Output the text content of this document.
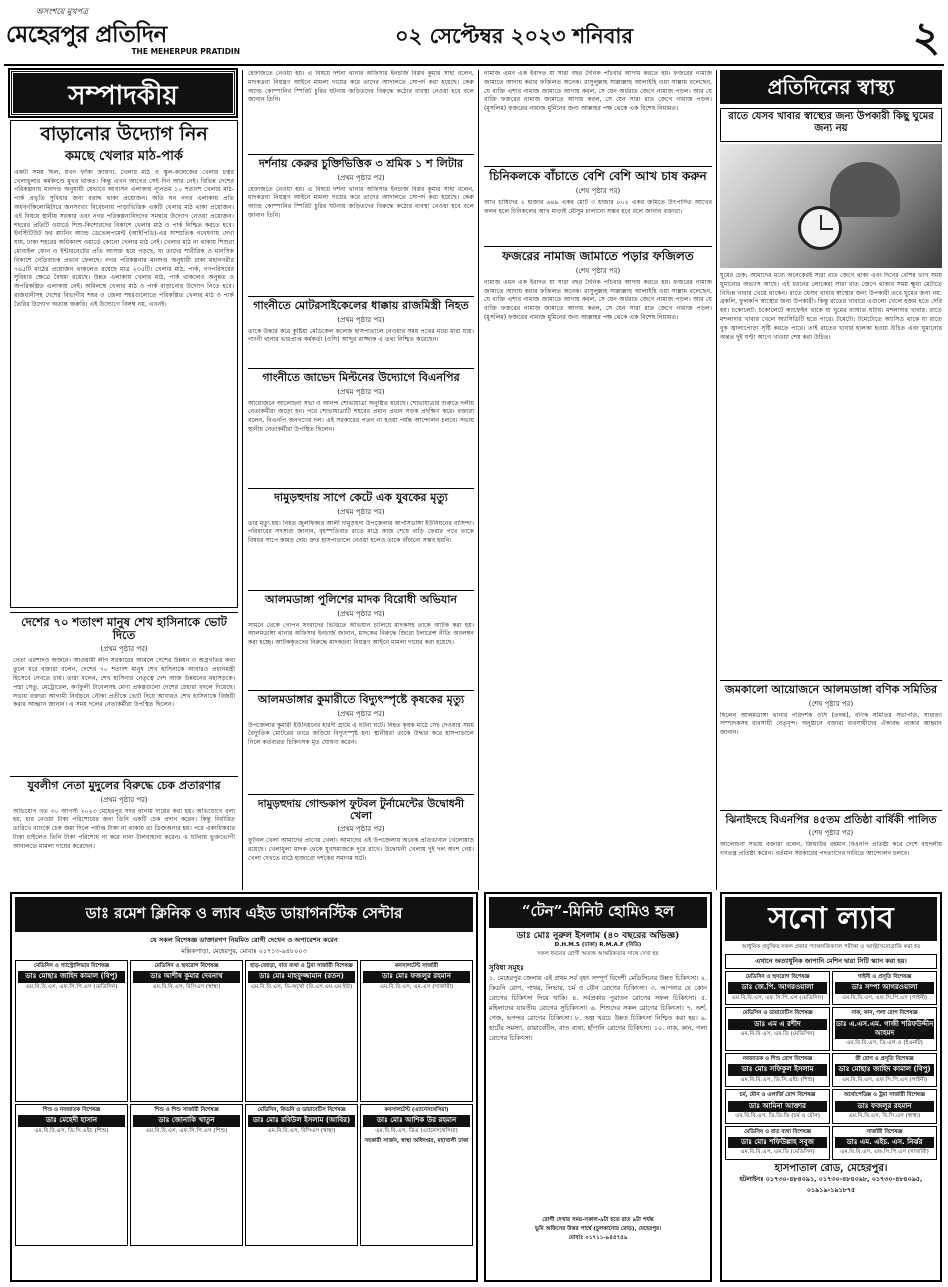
অসংশয়ে মুখপত্র
মেহেরপুর প্রতিদিন
THE MEHERPUR PRATIDIN
০২ সেপ্টেম্বর ২০২৩ শনিবার	২
সম্পাদকীয়
বাড়ানোর উদ্যোগ নিন
কমছে খেলার মাঠ-পার্ক
একটা সময় ছিল, যখন ফাঁকা জায়গা, খেলার মাঠ ও স্কুল-কলেজের খেলার চত্বর খেলাধুলার কর্মকাণ্ডে মুখর থাকত। কিন্তু এখন আগের সেই দিন আর নেই। বিভিন্ন দেশের পরিকল্পনায় মানদণ্ড অনুযায়ী যেভাবে আবাসন এলাকায় ন্যূনতম ১০ শতাংশ খেলার মাঠ-পার্ক প্রভৃতি সুবিধার জন্য বরাদ্দ থাকা প্রয়োজন। অতি ঘন নগর এলাকায় প্রতি অর্ধবর্গকিলোমিটারে জনসংখ্যা বিবেচনায় পাড়াভিত্তিক একটি খেলার মাঠ থাকা প্রয়োজন। এই বিষয়ে স্থানীয় সরকার এবং নগর পরিকল্পনাবিদদের সমন্বয়ে উদ্যোগ নেওয়া প্রয়োজন। শহরের প্রতিটি ওয়ার্ডে শিশু-কিশোরদের বিকাশে খেলার মাঠ ও পার্ক নিশ্চিত করতে হবে। ইনস্টিটিউট ফর প্ল্যানিং অ্যান্ড ডেভেলপমেন্ট (আইপিডি)-এর সাম্প্রতিক গবেষণায় দেখা যায়, ঢাকা শহরের অধিকাংশ ওয়ার্ডে কোনো খেলার মাঠ নেই। খেলার মাঠ না থাকায় শিশুরা মোবাইল ফোন ও ইন্টারনেটের প্রতি আসক্ত হয়ে পড়ছে, যা তাদের শারীরিক ও মানসিক বিকাশে নেতিবাচক প্রভাব ফেলছে। নগর পরিকল্পনার মানদণ্ড অনুযায়ী ঢাকা মহানগরীর ৭৬৫টি মাঠের প্রয়োজন থাকলেও রয়েছে মাত্র ২৩৫টি। খেলার মাঠ, পার্ক, গণপরিসরের সুবিধার ক্ষেত্রে বৈষম্য রয়েছে। উন্নত এলাকায় খেলার মাঠ, পার্ক থাকলেও অনুন্নত ও অপরিকল্পিত এলাকায় নেই। অবিলম্বে খেলার মাঠ ও পার্ক বাড়ানোর উদ্যোগ নিতে হবে। রাজধানীসহ দেশের বিভাগীয় শহর ও জেলা শহরগুলোতে পরিকল্পিত খেলার মাঠ ও পার্ক তৈরির উদ্যোগ অত্যন্ত জরুরি। এই উদ্যোগে বিলম্ব নয়, এখনই।
দেশের ৭০ শতাংশ মানুষ শেখ হাসিনাকে ভোট দিতে
(প্রথম পৃষ্ঠার পর)
নেতা এরশাদও অর্জনে। আওয়ামী লীগ সরকারের আমলে দেশের উন্নয়ন ও অগ্রগতির কথা তুলে ধরে বক্তারা বলেন, দেশের ৭০ শতাংশ মানুষ শেখ হাসিনাকে আবারও প্রধানমন্ত্রী হিসেবে দেখতে চায়। তারা বলেন, শেখ হাসিনার নেতৃত্বে দেশ আজ উন্নয়নের মহাসড়কে। পদ্মা সেতু, মেট্রোরেল, কর্ণফুলী টানেলসহ মেগা প্রকল্পগুলো দেশের চেহারা বদলে দিয়েছে। সভায় বক্তারা আগামী নির্বাচনে নৌকা প্রতীকে ভোট দিয়ে আবারও শেখ হাসিনাকে বিজয়ী করার আহ্বান জানান। এ সময় দলের নেতাকর্মীরা উপস্থিত ছিলেন।
যুবলীগ নেতা মুদুলের বিরুদ্ধে চেক প্রতারণার
(প্রথম পৃষ্ঠার পর)
অভিযোগ গত ৩০ আগস্ট ২০২৩ মেহেরপুর সদর থানায় দায়ের করা হয়। অভিযোগে বলা হয়, ধার নেওয়া টাকা পরিশোধের জন্য তিনি একটি চেক প্রদান করেন। কিন্তু নির্ধারিত তারিখে ব্যাংকে চেক জমা দিলে পর্যাপ্ত টাকা না থাকায় তা ডিজঅনার হয়। পরে একাধিকবার টাকা চাইলেও তিনি টাকা পরিশোধ না করে নানা টালবাহানা করেন। এ ঘটনায় ভুক্তভোগী আদালতে মামলা দায়ের করেছেন।
হেফাজতে নেওয়া হয়। এ বিষয়ে দর্শনা থানার অফিসার ইনচার্জ বিপ্লব কুমার সাহা বলেন, মাদকদ্রব্য নিয়ন্ত্রণ আইনে মামলা দায়ের করে তাদের আদালতে সোপর্দ করা হয়েছে। কেরু অ্যান্ড কোম্পানির স্পিরিট চুরির ঘটনায় জড়িতদের বিরুদ্ধে কঠোর ব্যবস্থা নেওয়া হবে বলে জানান তিনি।
দর্শনায় কেরুর চুক্তিভিত্তিক ৩ শ্রমিক ১ শ লিটার
(প্রথম পৃষ্ঠার পর)
হেফাজতে নেওয়া হয়। এ বিষয়ে দর্শনা থানার অফিসার ইনচার্জ বিপ্লব কুমার সাহা বলেন, মাদকদ্রব্য নিয়ন্ত্রণ আইনে মামলা দায়ের করে তাদের আদালতে সোপর্দ করা হয়েছে। কেরু অ্যান্ড কোম্পানির স্পিরিট চুরির ঘটনায় জড়িতদের বিরুদ্ধে কঠোর ব্যবস্থা নেওয়া হবে বলে জানান তিনি।
গাংনীতে মোটরসাইকেলের ধাক্কায় রাজমিস্ত্রী নিহত
(প্রথম পৃষ্ঠার পর)
তাকে উদ্ধার করে কুষ্টিয়া মেডিকেল কলেজ হাসপাতালে নেওয়ার সময় পথের মধ্যে মারা যায়। গাংনী থানার ভারপ্রাপ্ত কর্মকর্তা (ওসি) আব্দুর রাজ্জাক এ তথ্য নিশ্চিত করেছেন।
গাংনীতে জাভেদ মিল্টনের উদ্যোগে বিএনপির
(প্রথম পৃষ্ঠার পর)
আয়োজনে আলোচনা সভা ও আনন্দ শোভাযাত্রা অনুষ্ঠিত হয়েছে। শোভাযাত্রার শুরুতে দলীয় নেতাকর্মীরা জড়ো হন। পরে শোভাযাত্রাটি শহরের প্রধান প্রধান সড়ক প্রদক্ষিণ করে। বক্তারা বলেন, বিএনপি জনগণের দল। এই সরকারের পতন না হওয়া পর্যন্ত আন্দোলন চলবে। সভায় স্থানীয় নেতাকর্মীরা উপস্থিত ছিলেন।
দামুড়হুদায় সাপে কেটে এক যুবকের মৃত্যু
(প্রথম পৃষ্ঠার পর)
তার মৃত্যু হয়। নিহত জুলফিকার আলী দামুড়হুদা উপজেলার কার্পাসডাঙ্গা ইউনিয়নের বাসিন্দা। পরিবারের সদস্যরা জানান, বৃহস্পতিবার রাতে মাঠে কাজ শেষে বাড়ি ফেরার পথে তাকে বিষধর সাপে কামড় দেয়। দ্রুত হাসপাতালে নেওয়া হলেও তাকে বাঁচানো সম্ভব হয়নি।
আলমডাঙ্গা পুলিশের মাদক বিরোধী অভিযান
(প্রথম পৃষ্ঠার পর)
সামনে থেকে গোপন সংবাদের ভিত্তিতে অভিযান চালিয়ে মাদকসহ তাকে আটক করা হয়। আলমডাঙ্গা থানার অফিসার ইনচার্জ জানান, মাদকের বিরুদ্ধে জিরো টলারেন্স নীতি অবলম্বন করা হচ্ছে। আটককৃতদের বিরুদ্ধে মাদকদ্রব্য নিয়ন্ত্রণ আইনে মামলা দায়ের করা হয়েছে।
আলমডাঙ্গার কুমারীতে বিদ্যুৎস্পৃষ্টে কৃষকের মৃত্যু
(প্রথম পৃষ্ঠার পর)
উপজেলার কুমারী ইউনিয়নের হারদী গ্রামে এ ঘটনা ঘটে। নিহত কৃষক মাঠে সেচ দেওয়ার সময় বৈদ্যুতিক মোটরের তারে জড়িয়ে বিদ্যুৎস্পৃষ্ট হন। স্থানীয়রা তাকে উদ্ধার করে হাসপাতালে নিলে কর্তব্যরত চিকিৎসক মৃত ঘোষণা করেন।
দামুড়হুদায় গোল্ডকাপ ফুটবল টুর্নামেন্টের উদ্বোধনী খেলা
(প্রথম পৃষ্ঠার পর)
ফুটবল খেলা আমাদের প্রাণের খেলা। আমাদের এই উপজেলায় অনেক প্রতিভাবান খেলোয়াড় রয়েছে। খেলাধুলা মাদক থেকে যুবসমাজকে দূরে রাখে। উদ্বোধনী খেলায় দুই দল অংশ নেয়। খেলা দেখতে মাঠে হাজারো দর্শকের সমাগম ঘটে।
নামাজ এমন এক ইবাদত যা সারা বছর দৈনিক পাঁচবার আদায় করতে হয়। ফজরের নামাজ জামাতে আদায় করার ফজিলত অনেক। রাসুলুল্লাহ সাল্লাল্লাহু আলাইহি ওয়া সাল্লাম বলেছেন, যে ব্যক্তি এশার নামাজ জামাতে আদায় করল, সে যেন অর্ধরাত জেগে নামাজ পড়ল। আর যে ব্যক্তি ফজরের নামাজ জামাতে আদায় করল, সে যেন সারা রাত জেগে নামাজ পড়ল। (মুসলিম) ফজরের নামাজ মুমিনের জন্য আল্লাহর পক্ষ থেকে এক বিশেষ নিয়ামত।
চিনিকলকে বাঁচাতে বেশি বেশি আখ চাষ করুন
(শেষ পৃষ্ঠার পর)
আখ চাষিদের ২ হাজার ৬৪৯ একর মোট ৩ হাজার ৮০২ একর জমিতে উৎপাদিত আখের ফলন হলে চিনিকলের আখ মাড়াই মৌসুম চালানো সম্ভব হবে বলে জানান বক্তারা।
ফজরের নামাজ জামাতে পড়ার ফজিলত
(শেষ পৃষ্ঠার পর)
নামাজ এমন এক ইবাদত যা সারা বছর দৈনিক পাঁচবার আদায় করতে হয়। ফজরের নামাজ জামাতে আদায় করার ফজিলত অনেক। রাসুলুল্লাহ সাল্লাল্লাহু আলাইহি ওয়া সাল্লাম বলেছেন, যে ব্যক্তি এশার নামাজ জামাতে আদায় করল, সে যেন অর্ধরাত জেগে নামাজ পড়ল। আর যে ব্যক্তি ফজরের নামাজ জামাতে আদায় করল, সে যেন সারা রাত জেগে নামাজ পড়ল। (মুসলিম) ফজরের নামাজ মুমিনের জন্য আল্লাহর পক্ষ থেকে এক বিশেষ নিয়ামত।
প্রতিদিনের স্বাস্থ্য
রাতে যেসব খাবার স্বাস্থ্যের জন্য উপকারী কিছু ঘুমের জন্য নয়
ঘুমের চেক: আমাদের মধ্যে অনেকেরই সারা রাত জেগে থাকা এবং দিনের বেশির ভাগ সময় ঘুমানোর অভ্যাস আছে। এই ধরনের লোকেরা সারা রাত জেগে থাকার সময় ক্ষুধা মেটাতে বিভিন্ন খাবার খেয়ে থাকেন। রাতে যেসব খাবার স্বাস্থ্যের জন্য উপকারী তবে ঘুমের জন্য নয়: ব্রকলি, ফুলকপি স্বাস্থ্যের জন্য উপকারী। কিন্তু রাতের খাবারে এগুলো খেলে হজম হতে দেরি হয়। চকোলেট: চকোলেটে ক্যাফেইন থাকে যা ঘুমের ব্যাঘাত ঘটায়। মশলাদার খাবার: রাতে মশলাদার খাবার খেলে অ্যাসিডিটি হতে পারে। টমেটো: টমেটোতে অ্যাসিড থাকে যা রাতে বুক জ্বালাপোড়া সৃষ্টি করতে পারে। তাই রাতের খাবার হালকা হওয়া উচিত এবং ঘুমানোর অন্তত দুই ঘণ্টা আগে খাওয়া শেষ করা উচিত।
জমকালো আয়োজনে আলমডাঙ্গা বণিক সমিতির
(শেষ পৃষ্ঠার পর)
ছিলেন আলমডাঙ্গা থানার পরিদর্শক ওসি (তদন্ত), বণিক সমিতির সভাপতি, সাধারণ সম্পাদকসহ ব্যবসায়ী নেতৃবৃন্দ। অনুষ্ঠানে বক্তারা ব্যবসায়ীদের ঐক্যবদ্ধ থাকার আহ্বান জানান।
ঝিনাইদহে বিএনপির ৪৫তম প্রতিষ্ঠা বার্ষিকী পালিত
(শেষ পৃষ্ঠার পর)
আলোচনা সভায় বক্তারা বলেন, জিয়াউর রহমান বিএনপি প্রতিষ্ঠা করে দেশে বহুদলীয় গণতন্ত্র প্রতিষ্ঠা করেন। বর্তমান সরকারের পদত্যাগের দাবিতে আন্দোলন চলবে।
“টেন”-মিনিট হোমিও হল
ডাঃ মোঃ নুরুল ইসলাম (৪০ বছরের অভিজ্ঞ)
D.H.M.S (ঢাকা) R.M.A.F (বিডি)
সকল ধরনের রোগী অত্যন্ত আন্তরিকতার সাথে দেখা হয়
সুবিধা সমূহঃ
১. মেহেরপুর জেলায় এই প্রথম সর্ব বৃহৎ সম্পূর্ণ বিদেশী মেডিসিনের উন্নত চিকিৎসা। ২. কিডনি রোগ, পাথর, লিভার, চর্ম ও যৌন রোগের চিকিৎসা। ৩. আপনার যে কোন রোগের চিকিৎসা দিয়ে থাকি। ৪. সর্বপ্রকার পুরাতন রোগের সফল চিকিৎসা। ৫. মহিলাদের যাবতীয় রোগের সুচিকিৎসা। ৬. শিশুদের সকল রোগের চিকিৎসা। ৭. অর্শ, গেজ, ভগন্দর রোগের চিকিৎসা। ৮. অল্প খরচে উন্নত চিকিৎসা নিশ্চিত করা হয়। ৯. হার্টের সমস্যা, ডায়াবেটিস, বাত ব্যথা, হাঁপানি রোগের চিকিৎসা। ১০. নাক, কান, গলা রোগের চিকিৎসা।
রোগী দেখার সময়-সকাল-৯টা হতে রাত ৯টা পর্যন্ত
ভুমি অফিসের উত্তর পার্শ্বে (চুলকানোর মোড়), মেহেরপুর।
মোবাঃ ০১৭১১-৯৪৫৭৫৯
সনো ল্যাব
আধুনিক প্রযুক্তির সকল প্রকার প্যাথলজিক্যাল পরীক্ষা ও আল্ট্রাসনোগ্রাফি করা হয়
এখানে অত্যাধুনিক জাপানি মেশিন দ্বারা সিটি স্ক্যান করা হয়।
মেডিসিন ও হৃদরোগ বিশেষজ্ঞ
ডাঃ জে.পি. আগরওয়ালা
এম.বি.বি.এস, এফ.সি.পি.এস (মেডিসিন)
গাইনী ও প্রসূতি বিশেষজ্ঞ
ডাঃ সম্পা আগরওয়ালা
এম.বি.বি.এস, এফ.সি.পি.এস (গাইনী)
মেডিসিন ও ডায়াবেটিস বিশেষজ্ঞ
ডাঃ এম এ রশীদ
এম.বি.বি.এস, এম.ডি (মেডিসিন)
নাক, কান, গলা রোগ বিশেষজ্ঞ
ডাঃ এ.এস.এম. গাজী শরিফউদ্দীন আহমদ
এম.বি.বি.এস, ডি.এল.ও (ইএনটি)
নবজাতক ও শিশু রোগ বিশেষজ্ঞ
ডাঃ মোঃ সফিকুল ইসলাম
এম.বি.বি.এস, ডি.সি.এইচ (শিশু)
স্ত্রী রোগ ও প্রসূতি বিশেষজ্ঞ
ডাঃ মোছাঃ জাহিদ কামাল (বিপু)
এম.বি.বি.এস, এফ.সি.পি.এস (গাইনী)
চর্ম, যৌন ও এলার্জি রোগ বিশেষজ্ঞ
ডাঃ আমিনা আক্তার
এম.বি.বি.এস, ডি.ডি.ভি (চর্ম ও যৌন)
অর্থোপেডিক্স ও ট্রমা সার্জারী বিশেষজ্ঞ
ডাঃ ফজলুর রহমান
এম.বি.বি.এস, বি.সি.এস (স্বাস্থ্য)
মেডিসিন ও বাত ব্যথা বিশেষজ্ঞ
ডাঃ মোঃ শফিউল্লাহ সবুজ
এম.বি.বি.এস, এম.ডি (মেডিসিন)
সার্জারী বিশেষজ্ঞ
ডাঃ এম. এইচ. এস. নির্ঝর
এম.বি.বি.এস, এফ.সি.পি.এস (সার্জারী)
হাসপাতাল রোড, মেহেরপুর।
হটলাইনঃ ০১৭৩০-৪৮৪০৯১, ০১৭৩০-৪৮৪০৯৮, ০১৭৩০-৪৮৪০৯৫, ০১৯১৯-১৯১৮৭৫
ডাঃ রমেশ ক্লিনিক ও ল্যাব এইড ডায়াগনস্টিক সেন্টার
যে সকল বিশেষজ্ঞ ডাক্তারগণ নিয়মিত রোগী দেখেন ও অপারেশন করেন
মল্লিকপাড়া, মেহেরপুর, মোবাঃ ০১৭১৩-৯৪৮০০৩
মেডিসিন ও গ্যাস্ট্রোলিভার বিশেষজ্ঞ
ডাঃ মোছাঃ জাহিদ কামাল (বিপু)
এম.বি.বি.এস, এফ.সি.পি.এস (মেডিসিন)
মেডিসিন ও হৃদরোগ বিশেষজ্ঞ
ডাঃ আশীষ কুমার দেবনাথ
এম.বি.বি.এস, বিসিএস (স্বাস্থ্য)
হাড়-জোড়া, বাত ব্যথা ও ট্রমা সার্জারী বিশেষজ্ঞ
ডাঃ মোঃ মাহফুজ্জামান (রতন)
এম.বি.বি.এস, ডি-অর্থো (বি.এস.এম.এম.ইউ)
কনসালটেন্ট সার্জারী
ডাঃ মোঃ ফজলুর রহমান
এম.বি.বি.এস, এম.এস (সার্জারী)
শিশু ও নবজাতক বিশেষজ্ঞ
ডাঃ মেহেদী হাসান
এম.বি.বি.এস, ডি.সি.এইচ (শিশু)
শিশু ও শিশু সার্জারী বিশেষজ্ঞ
ডাঃ জোনাকি খাতুন
এম.বি.বি.এস, এফ.সি.পি.এস (শিশু)
মেডিসিন, কিডনি ও ডায়াবেটিস বিশেষজ্ঞ
ডাঃ মোঃ রবিউল ইসলাম (আবির)
এম.বি.বি.এস, বিসিএস (স্বাস্থ্য)
কনসালটেন্ট (এ্যানেসথেসিয়া)
ডাঃ মোঃ আশিক উর রহমান
এম.বি.বি.এস, ডিএ (এ্যানেসথেসিয়া)
সহকারী সার্জন, স্বাস্থ্য অধিদপ্তর, মহাখালী ঢাকা
